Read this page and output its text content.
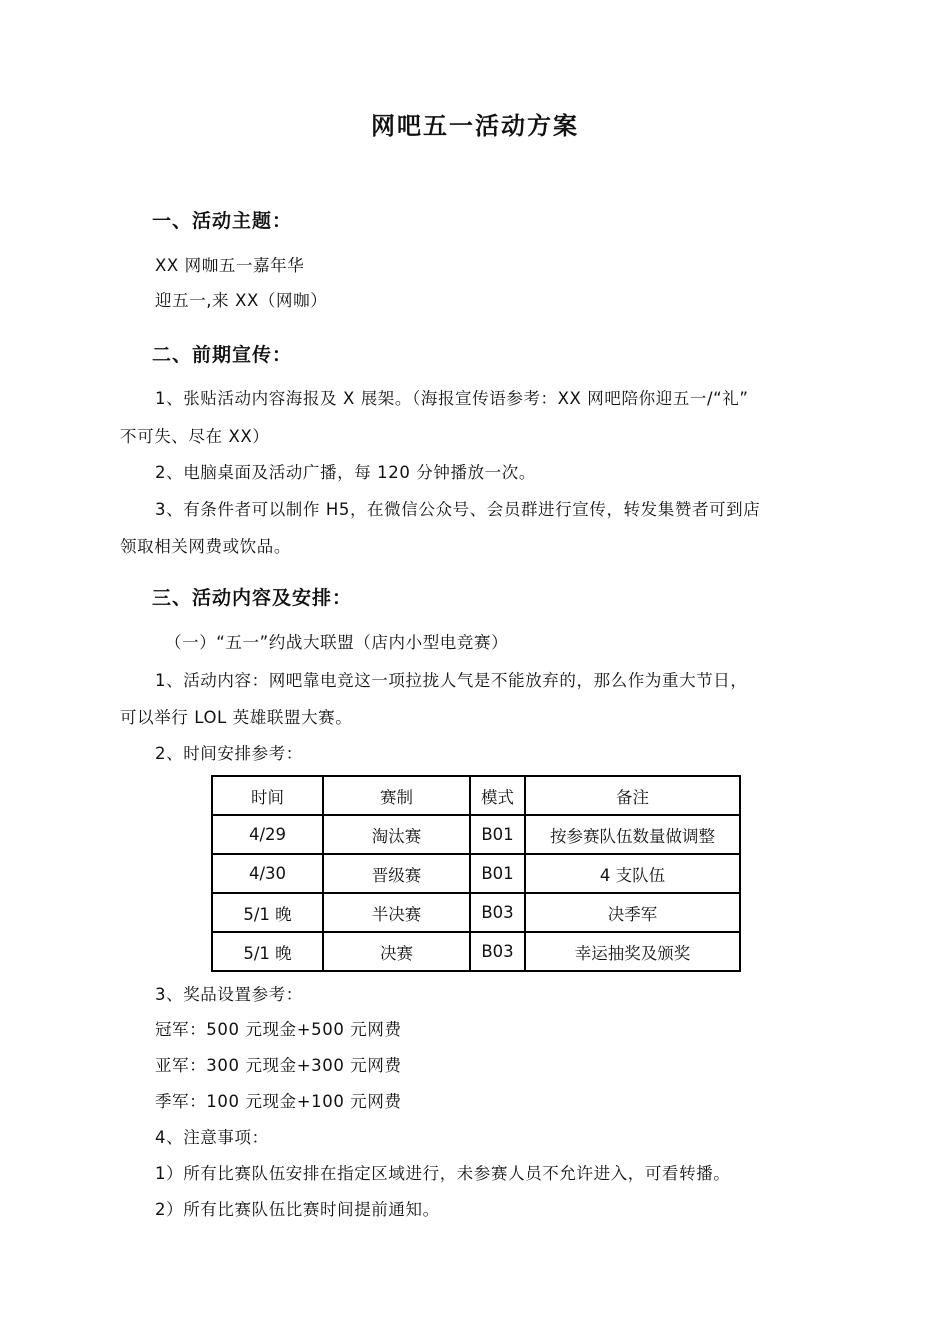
网吧五一活动方案
一、活动主题：
XX 网咖五一嘉年华
迎五一,来 XX（网咖）
二、前期宣传：
1、张贴活动内容海报及 X 展架。（海报宣传语参考：XX 网吧陪你迎五一/“礼”
不可失、尽在 XX）
2、电脑桌面及活动广播，每 120 分钟播放一次。
3、有条件者可以制作 H5，在微信公众号、会员群进行宣传，转发集赞者可到店
领取相关网费或饮品。
三、活动内容及安排：
（一）“五一”约战大联盟（店内小型电竞赛）
1、活动内容：网吧靠电竞这一项拉拢人气是不能放弃的，那么作为重大节日，
可以举行 LOL 英雄联盟大赛。
2、时间安排参考：
时间	赛制	模式	备注
4/29	淘汰赛	B01	按参赛队伍数量做调整
4/30	晋级赛	B01	4 支队伍
5/1 晚	半决赛	B03	决季军
5/1 晚	决赛	B03	幸运抽奖及颁奖
3、奖品设置参考：
冠军：500 元现金+500 元网费
亚军：300 元现金+300 元网费
季军：100 元现金+100 元网费
4、注意事项：
1）所有比赛队伍安排在指定区域进行，未参赛人员不允许进入，可看转播。
2）所有比赛队伍比赛时间提前通知。
